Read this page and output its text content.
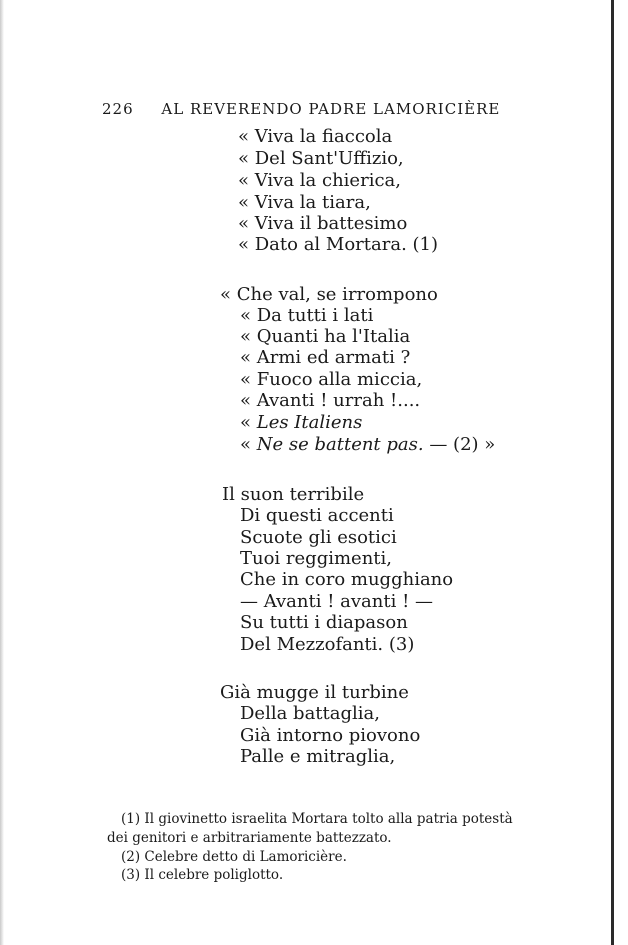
226 AL REVERENDO PADRE LAMORICIÈRE
« Viva la fiaccola
« Del Sant'Uffizio,
« Viva la chierica,
« Viva la tiara,
« Viva il battesimo
« Dato al Mortara. (1)
« Che val, se irrompono
« Da tutti i lati
« Quanti ha l'Italia
« Armi ed armati ?
« Fuoco alla miccia,
« Avanti ! urrah !....
« Les Italiens
« Ne se battent pas. — (2) »
Il suon terribile
Di questi accenti
Scuote gli esotici
Tuoi reggimenti,
Che in coro mugghiano
— Avanti ! avanti ! —
Su tutti i diapason
Del Mezzofanti. (3)
Già mugge il turbine
Della battaglia,
Già intorno piovono
Palle e mitraglia,
(1) Il giovinetto israelita Mortara tolto alla patria potestà
dei genitori e arbitrariamente battezzato.
(2) Celebre detto di Lamoricière.
(3) Il celebre poliglotto.
